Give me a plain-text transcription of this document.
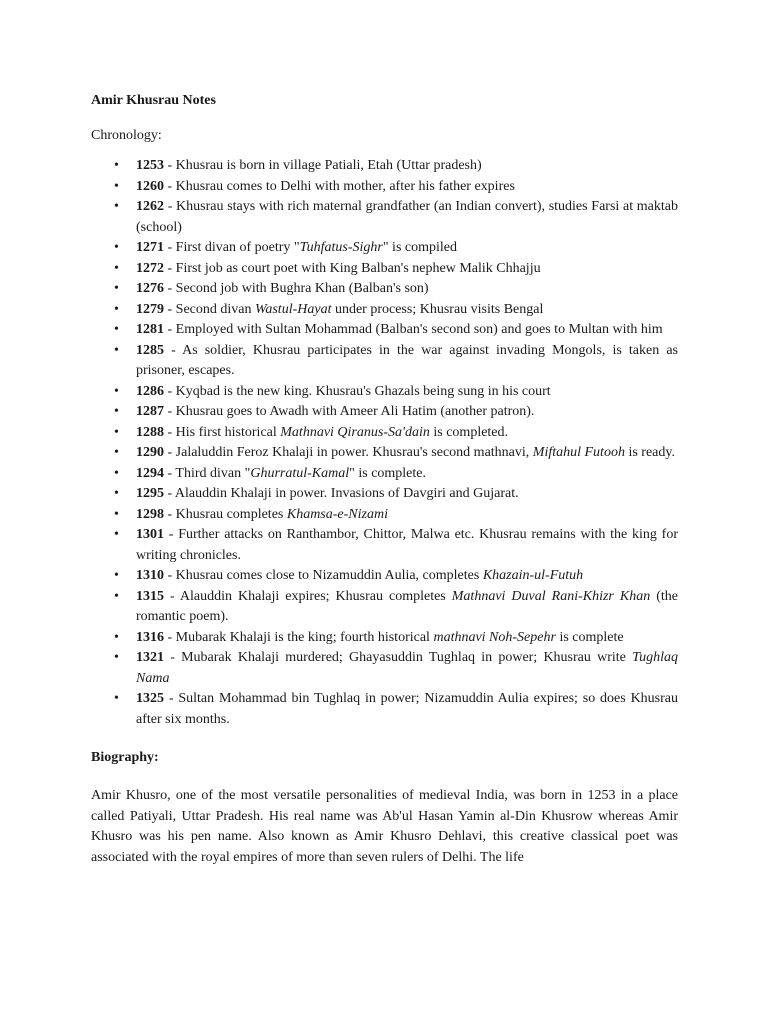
Amir Khusrau Notes
Chronology:
• 1253 - Khusrau is born in village Patiali, Etah (Uttar pradesh)
• 1260 - Khusrau comes to Delhi with mother, after his father expires
• 1262 - Khusrau stays with rich maternal grandfather (an Indian convert), studies Farsi at maktab (school)
• 1271 - First divan of poetry "Tuhfatus-Sighr" is compiled
• 1272 - First job as court poet with King Balban's nephew Malik Chhajju
• 1276 - Second job with Bughra Khan (Balban's son)
• 1279 - Second divan Wastul-Hayat under process; Khusrau visits Bengal
• 1281 - Employed with Sultan Mohammad (Balban's second son) and goes to Multan with him
• 1285 - As soldier, Khusrau participates in the war against invading Mongols, is taken as prisoner, escapes.
• 1286 - Kyqbad is the new king. Khusrau's Ghazals being sung in his court
• 1287 - Khusrau goes to Awadh with Ameer Ali Hatim (another patron).
• 1288 - His first historical Mathnavi Qiranus-Sa'dain is completed.
• 1290 - Jalaluddin Feroz Khalaji in power. Khusrau's second mathnavi, Miftahul Futooh is ready.
• 1294 - Third divan "Ghurratul-Kamal" is complete.
• 1295 - Alauddin Khalaji in power. Invasions of Davgiri and Gujarat.
• 1298 - Khusrau completes Khamsa-e-Nizami
• 1301 - Further attacks on Ranthambor, Chittor, Malwa etc. Khusrau remains with the king for writing chronicles.
• 1310 - Khusrau comes close to Nizamuddin Aulia, completes Khazain-ul-Futuh
• 1315 - Alauddin Khalaji expires; Khusrau completes Mathnavi Duval Rani-Khizr Khan (the romantic poem).
• 1316 - Mubarak Khalaji is the king; fourth historical mathnavi Noh-Sepehr is complete
• 1321 - Mubarak Khalaji murdered; Ghayasuddin Tughlaq in power; Khusrau write Tughlaq Nama
• 1325 - Sultan Mohammad bin Tughlaq in power; Nizamuddin Aulia expires; so does Khusrau after six months.
Biography:

Amir Khusro, one of the most versatile personalities of medieval India, was born in 1253 in a place called Patiyali, Uttar Pradesh. His real name was Ab'ul Hasan Yamin al-Din Khusrow whereas Amir Khusro was his pen name. Also known as Amir Khusro Dehlavi, this creative classical poet was associated with the royal empires of more than seven rulers of Delhi. The life
